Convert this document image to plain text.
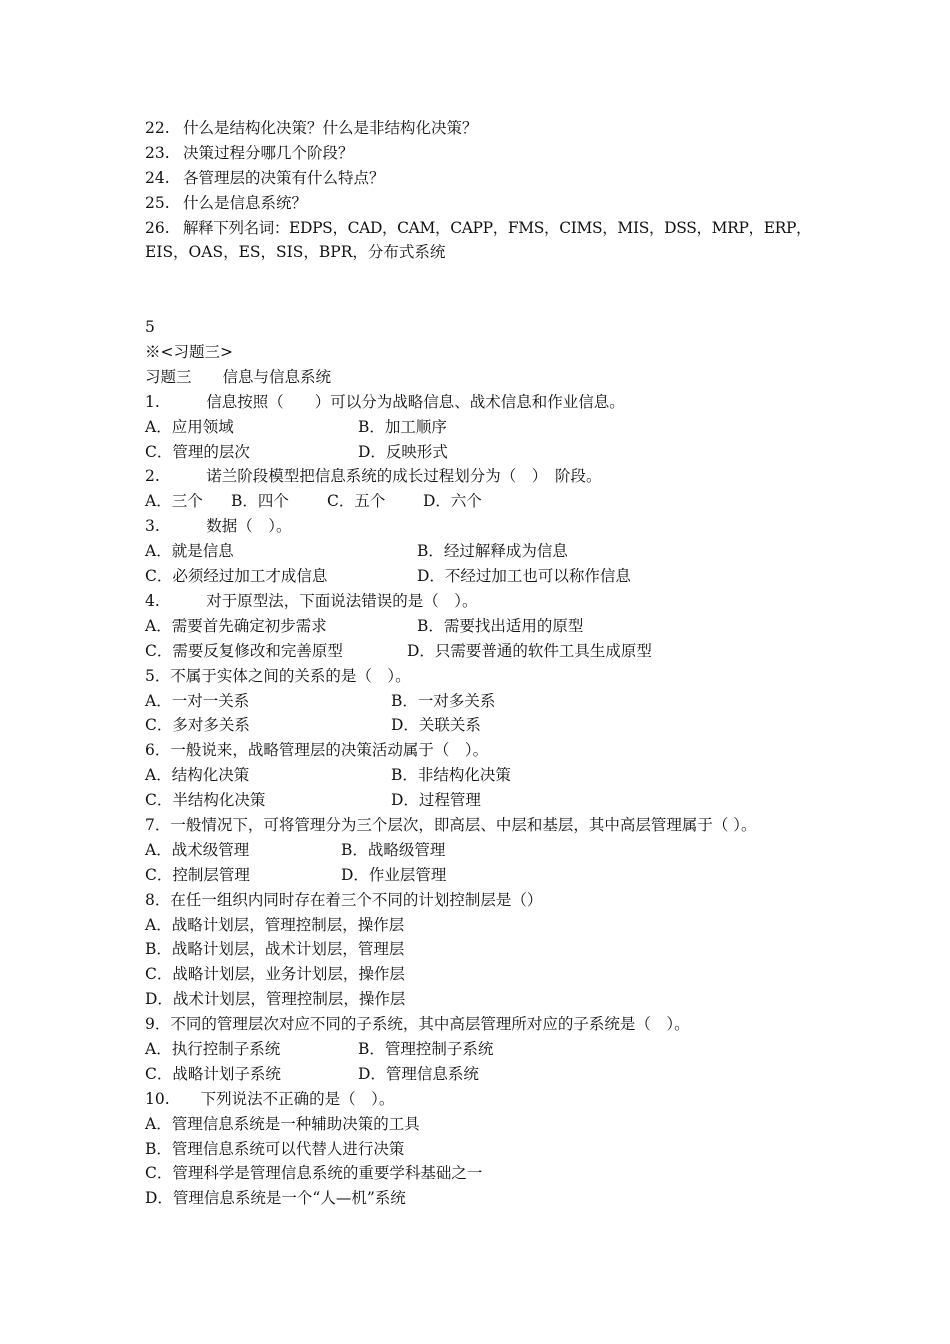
22. 什么是结构化决策？什么是非结构化决策？
23. 决策过程分哪几个阶段？
24. 各管理层的决策有什么特点？
25. 什么是信息系统？
26. 解释下列名词：EDPS，CAD，CAM，CAPP，FMS，CIMS，MIS，DSS，MRP，ERP，
EIS，OAS，ES，SIS，BPR，分布式系统
5
※<习题三>
习题三　　信息与信息系统
1.　　　信息按照（　　）可以分为战略信息、战术信息和作业信息。
A．应用领域	B．加工顺序
C．管理的层次	D．反映形式
2.　　　诺兰阶段模型把信息系统的成长过程划分为（　）　阶段。
A．三个	B．四个	C．五个	D．六个
3.　　　数据（　）。
A．就是信息	B．经过解释成为信息
C．必须经过加工才成信息	D．不经过加工也可以称作信息
4.　　　对于原型法，下面说法错误的是（　）。
A．需要首先确定初步需求	B．需要找出适用的原型
C．需要反复修改和完善原型	D．只需要普通的软件工具生成原型
5．不属于实体之间的关系的是（　）。
A．一对一关系	B．一对多关系
C．多对多关系	D．关联关系
6．一般说来，战略管理层的决策活动属于（　）。
A．结构化决策	B．非结构化决策
C．半结构化决策	D．过程管理
7．一般情况下，可将管理分为三个层次，即高层、中层和基层，其中高层管理属于（ ）。
A．战术级管理	B．战略级管理
C．控制层管理	D．作业层管理
8．在任一组织内同时存在着三个不同的计划控制层是（）
A．战略计划层，管理控制层，操作层
B．战略计划层，战术计划层，管理层
C．战略计划层，业务计划层，操作层
D．战术计划层，管理控制层，操作层
9．不同的管理层次对应不同的子系统，其中高层管理所对应的子系统是（　）。
A．执行控制子系统	B．管理控制子系统
C．战略计划子系统	D．管理信息系统
10.　　下列说法不正确的是（　）。
A．管理信息系统是一种辅助决策的工具
B．管理信息系统可以代替人进行决策
C．管理科学是管理信息系统的重要学科基础之一
D．管理信息系统是一个“人—机”系统
